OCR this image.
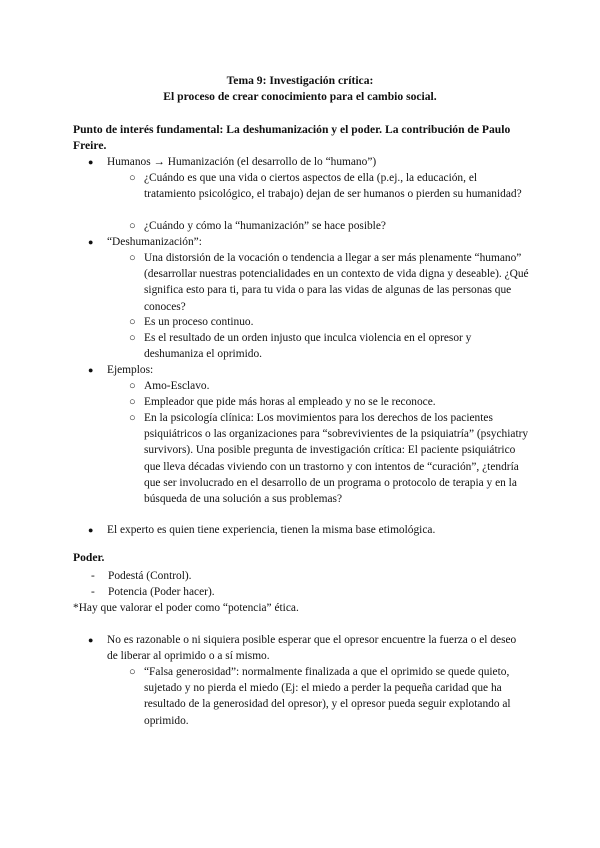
Tema 9: Investigación crítica:
El proceso de crear conocimiento para el cambio social.
Punto de interés fundamental: La deshumanización y el poder. La contribución de Paulo Freire.
● Humanos → Humanización (el desarrollo de lo “humano”)
○ ¿Cuándo es que una vida o ciertos aspectos de ella (p.ej., la educación, el tratamiento psicológico, el trabajo) dejan de ser humanos o pierden su humanidad?
○ ¿Cuándo y cómo la “humanización” se hace posible?
● “Deshumanización”:
○ Una distorsión de la vocación o tendencia a llegar a ser más plenamente “humano” (desarrollar nuestras potencialidades en un contexto de vida digna y deseable). ¿Qué significa esto para ti, para tu vida o para las vidas de algunas de las personas que conoces?
○ Es un proceso continuo.
○ Es el resultado de un orden injusto que inculca violencia en el opresor y deshumaniza el oprimido.
● Ejemplos:
○ Amo-Esclavo.
○ Empleador que pide más horas al empleado y no se le reconoce.
○ En la psicología clínica: Los movimientos para los derechos de los pacientes psiquiátricos o las organizaciones para “sobrevivientes de la psiquiatría” (psychiatry survivors). Una posible pregunta de investigación crítica: El paciente psiquiátrico que lleva décadas viviendo con un trastorno y con intentos de “curación”, ¿tendría que ser involucrado en el desarrollo de un programa o protocolo de terapia y en la búsqueda de una solución a sus problemas?
● El experto es quien tiene experiencia, tienen la misma base etimológica.
Poder.
- Podestá (Control).
- Potencia (Poder hacer).
*Hay que valorar el poder como “potencia” ética.
● No es razonable o ni siquiera posible esperar que el opresor encuentre la fuerza o el deseo de liberar al oprimido o a sí mismo.
○ “Falsa generosidad”: normalmente finalizada a que el oprimido se quede quieto, sujetado y no pierda el miedo (Ej: el miedo a perder la pequeña caridad que ha resultado de la generosidad del opresor), y el opresor pueda seguir explotando al oprimido.
